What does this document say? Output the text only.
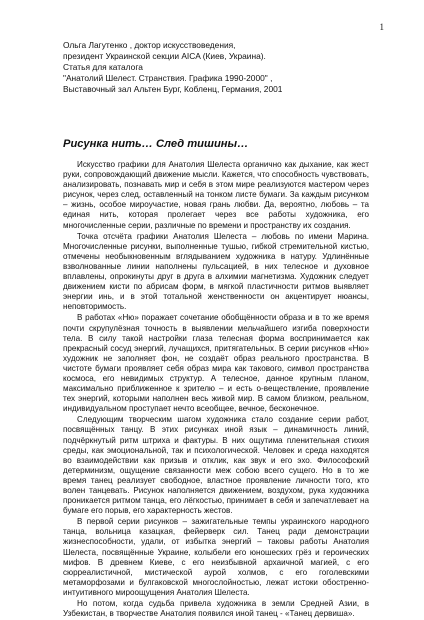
1
Ольга Лагутенко , доктор искусствоведения,
президент Украинской секции AICA (Киев, Украина).
Статья для каталога
"Анатолий Шелест. Странствия. Графика 1990-2000" ,
Выставочный зал Альтен Бург, Кобленц, Германия, 2001
Рисунка нить… След тишины…

Искусство графики для Анатолия Шелеста органично как дыхание, как жест руки, сопровождающий движение мысли. Кажется, что способность чувствовать, анализировать, познавать мир и себя в этом мире реализуются мастером через рисунок, через след, оставленный на тонком листе бумаги. За каждым рисунком – жизнь, особое мироучастие, новая грань любви. Да, вероятно, любовь – та единая нить, которая пролегает через все работы художника, его многочисленные серии, различные по времени и пространству их создания.

Точка отсчёта графики Анатолия Шелеста – любовь по имени Марина. Многочисленные рисунки, выполненные тушью, гибкой стремительной кистью, отмечены необыкновенным вглядыванием художника в натуру. Удлинённые взволнованные линии наполнены пульсацией, в них телесное и духовное вплавлены, опрокинуты друг в друга в алхимии магнетизма. Художник следует движением кисти по абрисам форм, в мягкой пластичности ритмов выявляет энергии инь, и в этой тотальной женственности он акцентирует нюансы, неповторимость.

В работах «Ню» поражает сочетание обобщённости образа и в то же время почти скрупулёзная точность в выявлении мельчайшего изгиба поверхности тела. В силу такой настройки глаза телесная форма воспринимается как прекрасный сосуд энергий, лучащихся, притягательных. В серии рисунков «Ню» художник не заполняет фон, не создаёт образ реального пространства. В чистоте бумаги проявляет себя образ мира как такового, символ пространства космоса, его невидимых структур. А телесное, данное крупным планом, максимально приближенное к зрителю – и есть о-веществление, проявление тех энергий, которыми наполнен весь живой мир. В самом близком, реальном, индивидуальном проступает нечто всеобщее, вечное, бесконечное.

Следующим творческим шагом художника стало создание серии работ, посвящённых танцу. В этих рисунках иной язык – динамичность линий, подчёркнутый ритм штриха и фактуры. В них ощутима пленительная стихия среды, как эмоциональной, так и психологической. Человек и среда находятся во взаимодействии как призыв и отклик, как звук и его эхо. Философский детерминизм, ощущение связанности меж собою всего сущего. Но в то же время танец реализует свободное, властное проявление личности того, кто волен танцевать. Рисунок наполняется движением, воздухом, рука художника проникается ритмом танца, его лёгкостью, принимает в себя и запечатлевает на бумаге его порыв, его характерность жестов.

В первой серии рисунков – зажигательные темпы украинского народного танца, вольница казацкая, фейерверк сил. Танец ради демонстрации жизнеспособности, удали, от избытка энергий – таковы работы Анатолия Шелеста, посвящённые Украине, колыбели его юношеских грёз и героических мифов. В древнем Киеве, с его неизбывной архаичной магией, с его сюрреалистичной, мистической аурой холмов, с его гоголевскими метаморфозами и булгаковской многослойностью, лежат истоки обостренно-интуитивного мироощущения Анатолия Шелеста.

Но потом, когда судьба привела художника в земли Средней Азии, в Узбекистан, в творчестве Анатолия появился иной танец - «Танец дервиша».
